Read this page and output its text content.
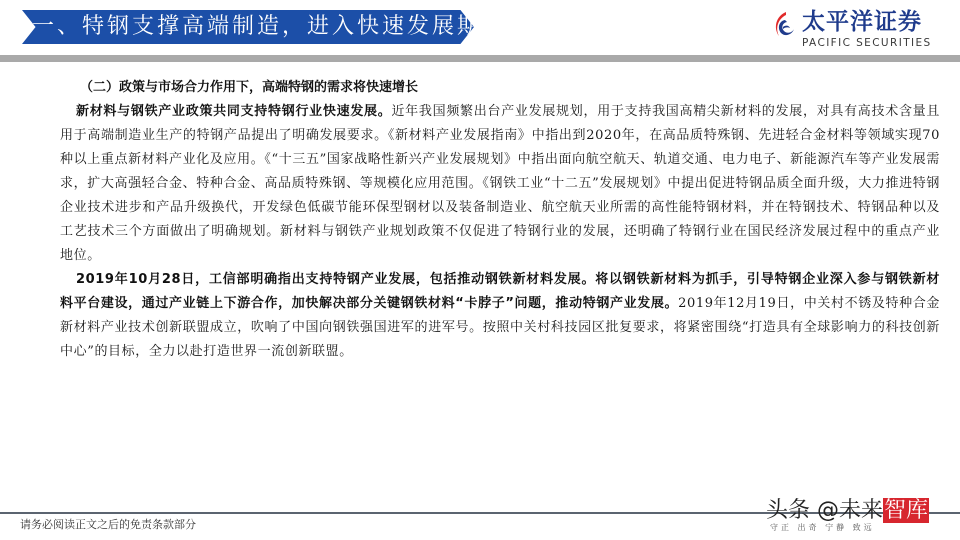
一、特钢支撑高端制造，进入快速发展期	太平洋证券
PACIFIC SECURITIES

（二）政策与市场合力作用下，高端特钢的需求将快速增长

新材料与钢铁产业政策共同支持特钢行业快速发展。近年我国频繁出台产业发展规划，用于支持我国高精尖新材料的发展，对具有高技术含量且用于高端制造业生产的特钢产品提出了明确发展要求。《新材料产业发展指南》中指出到2020年，在高品质特殊钢、先进轻合金材料等领域实现70种以上重点新材料产业化及应用。《“十三五”国家战略性新兴产业发展规划》中指出面向航空航天、轨道交通、电力电子、新能源汽车等产业发展需求，扩大高强轻合金、特种合金、高品质特殊钢、等规模化应用范围。《钢铁工业“十二五”发展规划》中提出促进特钢品质全面升级，大力推进特钢企业技术进步和产品升级换代，开发绿色低碳节能环保型钢材以及装备制造业、航空航天业所需的高性能特钢材料，并在特钢技术、特钢品种以及工艺技术三个方面做出了明确规划。新材料与钢铁产业规划政策不仅促进了特钢行业的发展，还明确了特钢行业在国民经济发展过程中的重点产业地位。

2019年10月28日，工信部明确指出支持特钢产业发展，包括推动钢铁新材料发展。将以钢铁新材料为抓手，引导特钢企业深入参与钢铁新材料平台建设，通过产业链上下游合作，加快解决部分关键钢铁材料“卡脖子”问题，推动特钢产业发展。2019年12月19日，中关村不锈及特种合金新材料产业技术创新联盟成立，吹响了中国向钢铁强国进军的进军号。按照中关村科技园区批复要求，将紧密围绕“打造具有全球影响力的科技创新中心”的目标，全力以赴打造世界一流创新联盟。

请务必阅读正文之后的免责条款部分
头条 @未来智库
守正 出奇 宁静 致远
